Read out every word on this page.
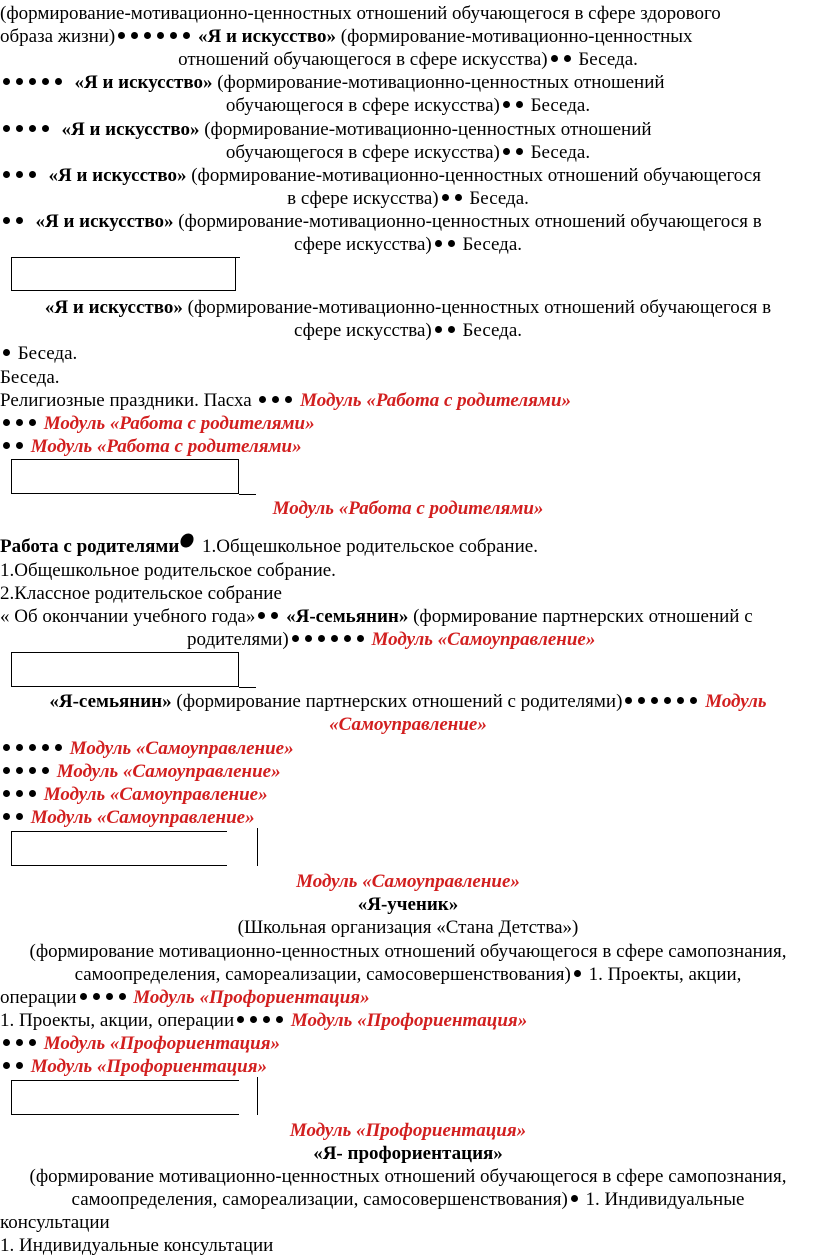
(формирование-мотивационно-ценностных отношений обучающегося в сфере здорового
образа жизни)	«Я и искусство» (формирование-мотивационно-ценностных
отношений обучающегося в сфере искусства) Беседа.
«Я и искусство» (формирование-мотивационно-ценностных отношений
обучающегося в сфере искусства) Беседа.
«Я и искусство» (формирование-мотивационно-ценностных отношений
обучающегося в сфере искусства) Беседа.
«Я и искусство» (формирование-мотивационно-ценностных отношений обучающегося
в сфере искусства) Беседа.
«Я и искусство» (формирование-мотивационно-ценностных отношений обучающегося в
сфере искусства) Беседа.
«Я и искусство» (формирование-мотивационно-ценностных отношений обучающегося в
сфере искусства) Беседа.
Беседа.
Беседа.
Религиозные праздники. Пасха  Модуль «Работа с родителями»
Модуль «Работа с родителями»
Модуль «Работа с родителями»
Модуль «Работа с родителями»
Работа с родителями 1.Общешкольное родительское собрание.
1.Общешкольное родительское собрание.
2.Классное родительское собрание
« Об окончании учебного года» «Я-семьянин» (формирование партнерских отношений с
родителями)	Модуль «Самоуправление»
«Я-семьянин» (формирование партнерских отношений с родителями)	Модуль
«Самоуправление»
Модуль «Самоуправление»
Модуль «Самоуправление»
Модуль «Самоуправление»
Модуль «Самоуправление»
Модуль «Самоуправление»
«Я-ученик»
(Школьная организация «Стана Детства»)
(формирование мотивационно-ценностных отношений обучающегося в сфере самопознания,
самоопределения, самореализации, самосовершенствования) 1. Проекты, акции,
операции	Модуль «Профориентация»
1. Проекты, акции, операции	Модуль «Профориентация»
Модуль «Профориентация»
Модуль «Профориентация»
Модуль «Профориентация»
«Я- профориентация»
(формирование мотивационно-ценностных отношений обучающегося в сфере самопознания,
самоопределения, самореализации, самосовершенствования) 1. Индивидуальные
консультации
1. Индивидуальные консультации
